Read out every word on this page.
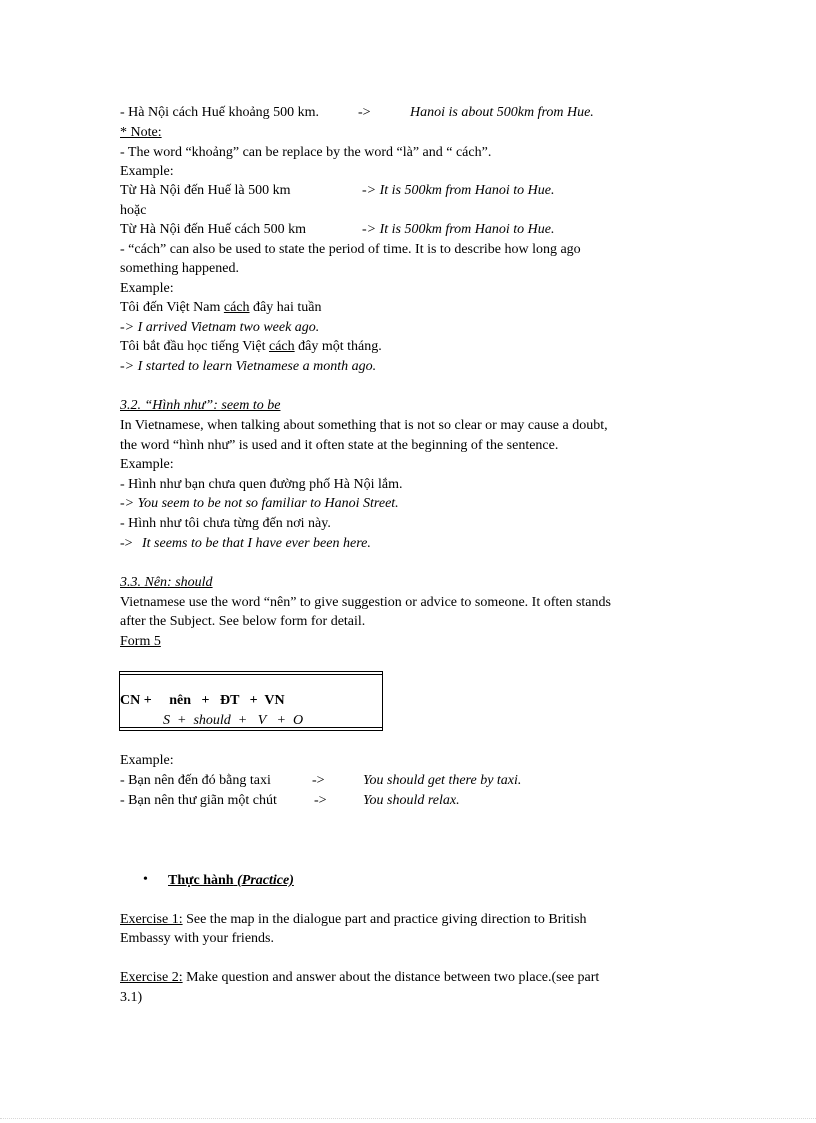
- Hà Nội cách Huế khoảng 500 km.	->	Hanoi is about 500km from Hue.
* Note:
- The word “khoảng” can be replace by the word “là” and “ cách”.
Example:
Từ Hà Nội đến Huế là 500 km	-> It is 500km from Hanoi to Hue.
hoặc
Từ Hà Nội đến Huế cách 500 km	-> It is 500km from Hanoi to Hue.
- “cách” can also be used to state the period of time. It is to describe how long ago
something happened.
Example:
Tôi đến Việt Nam cách đây hai tuần
-> I arrived Vietnam two week ago.
Tôi bắt đầu học tiếng Việt cách đây một tháng.
-> I started to learn Vietnamese a month ago.
3.2. “Hình như”: seem to be
In Vietnamese, when talking about something that is not so clear or may cause a doubt,
the word “hình như” is used and it often state at the beginning of the sentence.
Example:
- Hình như bạn chưa quen đường phố Hà Nội lắm.
-> You seem to be not so familiar to Hanoi Street.
- Hình như tôi chưa từng đến nơi này.
-> It seems to be that I have ever been here.
3.3. Nên: should
Vietnamese use the word “nên” to give suggestion or advice to someone. It often stands
after the Subject. See below form for detail.
Form 5
CN +     nên   +   ĐT   +  VN
S  +  should  +   V   +  O
Example:
- Bạn nên đến đó bằng taxi	->	You should get there by taxi.
- Bạn nên thư giãn một chút	->	You should relax.
• Thực hành (Practice)
Exercise 1: See the map in the dialogue part and practice giving direction to British
Embassy with your friends.
Exercise 2: Make question and answer about the distance between two place.(see part
3.1)
